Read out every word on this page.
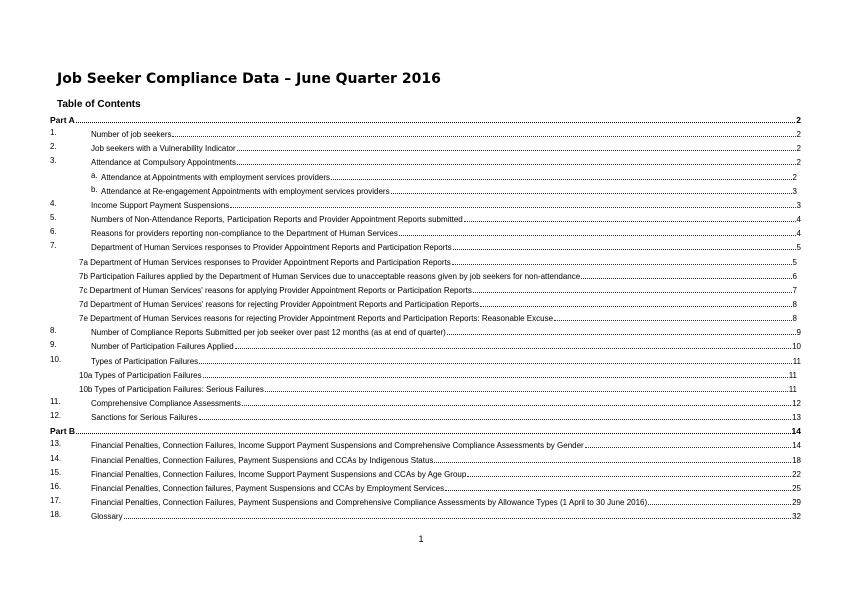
Job Seeker Compliance Data – June Quarter 2016
Table of Contents
Part A	2
1.	Number of job seekers	2
2.	Job seekers with a Vulnerability Indicator	2
3.	Attendance at Compulsory Appointments	2
a. Attendance at Appointments with employment services providers	2
b. Attendance at Re-engagement Appointments with employment services providers	3
4.	Income Support Payment Suspensions	3
5.	Numbers of Non-Attendance Reports, Participation Reports and Provider Appointment Reports submitted	4
6.	Reasons for providers reporting non-compliance to the Department of Human Services	4
7.	Department of Human Services responses to Provider Appointment Reports and Participation Reports	5
7a Department of Human Services responses to Provider Appointment Reports and Participation Reports	5
7b Participation Failures applied by the Department of Human Services due to unacceptable reasons given by job seekers for non-attendance	6
7c Department of Human Services' reasons for applying Provider Appointment Reports or Participation Reports	7
7d Department of Human Services' reasons for rejecting Provider Appointment Reports and Participation Reports	8
7e Department of Human Services reasons for rejecting Provider Appointment Reports and Participation Reports: Reasonable Excuse	8
8.	Number of Compliance Reports Submitted per job seeker over past 12 months (as at end of quarter)	9
9.	Number of Participation Failures Applied	10
10.	Types of Participation Failures	11
10a Types of Participation Failures	11
10b Types of Participation Failures: Serious Failures	11
11.	Comprehensive Compliance Assessments	12
12.	Sanctions for Serious Failures	13
Part B	14
13.	Financial Penalties, Connection Failures, Income Support Payment Suspensions and Comprehensive Compliance Assessments by Gender	14
14.	Financial Penalties, Connection Failures, Payment Suspensions and CCAs by Indigenous Status	18
15.	Financial Penalties, Connection Failures, Income Support Payment Suspensions and CCAs by Age Group	22
16.	Financial Penalties, Connection failures, Payment Suspensions and CCAs by Employment Services	25
17.	Financial Penalties, Connection Failures, Payment Suspensions and Comprehensive Compliance Assessments by Allowance Types (1 April to 30 June 2016)	29
18.	Glossary	32
1
